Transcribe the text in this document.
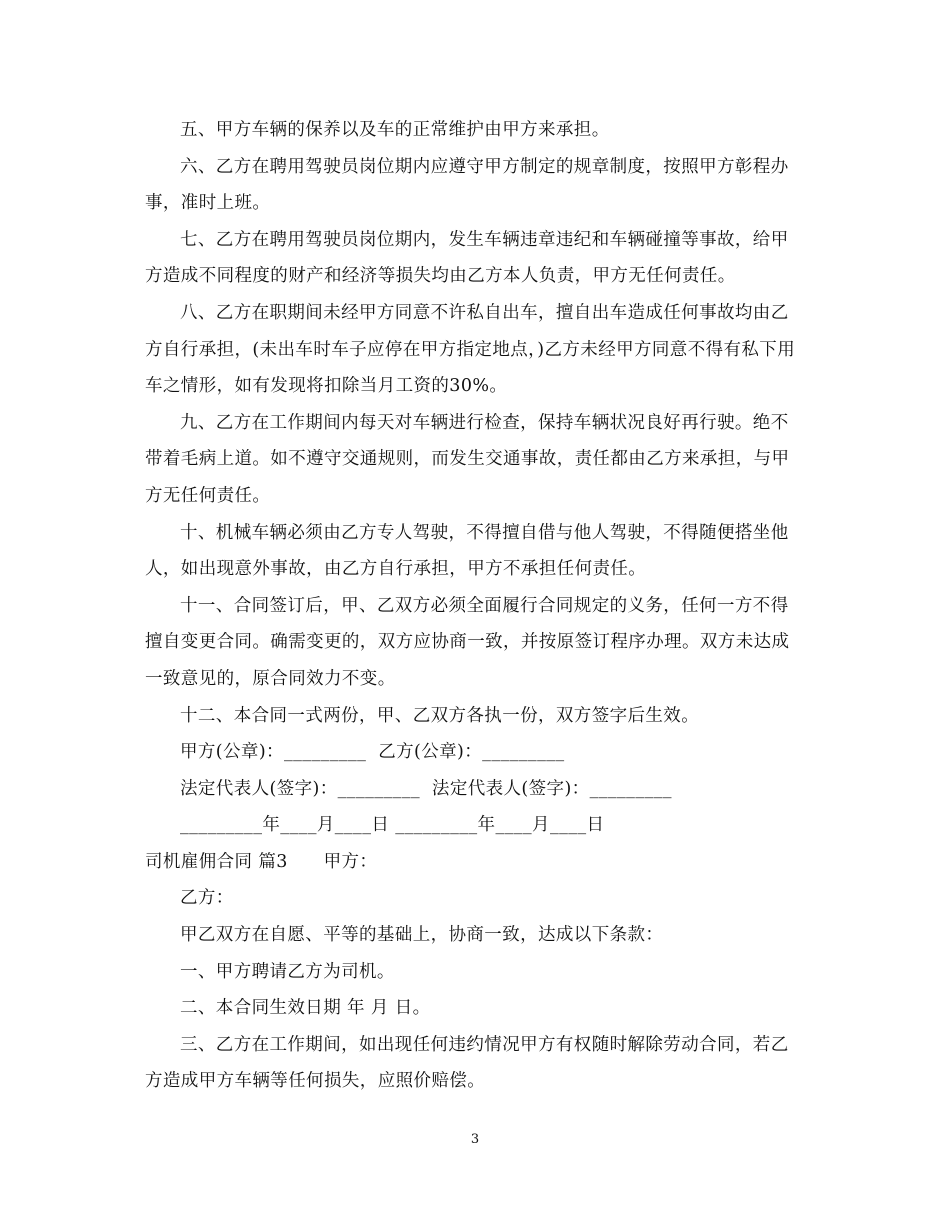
五、甲方车辆的保养以及车的正常维护由甲方来承担。

六、乙方在聘用驾驶员岗位期内应遵守甲方制定的规章制度，按照甲方彰程办事，准时上班。

七、乙方在聘用驾驶员岗位期内，发生车辆违章违纪和车辆碰撞等事故，给甲方造成不同程度的财产和经济等损失均由乙方本人负责，甲方无任何责任。

八、乙方在职期间未经甲方同意不许私自出车，擅自出车造成任何事故均由乙方自行承担，(未出车时车子应停在甲方指定地点，)乙方未经甲方同意不得有私下用车之情形，如有发现将扣除当月工资的30%。

九、乙方在工作期间内每天对车辆进行检查，保持车辆状况良好再行驶。绝不带着毛病上道。如不遵守交通规则，而发生交通事故，责任都由乙方来承担，与甲方无任何责任。

十、机械车辆必须由乙方专人驾驶，不得擅自借与他人驾驶，不得随便搭坐他人，如出现意外事故，由乙方自行承担，甲方不承担任何责任。

十一、合同签订后，甲、乙双方必须全面履行合同规定的义务，任何一方不得擅自变更合同。确需变更的，双方应协商一致，并按原签订程序办理。双方未达成一致意见的，原合同效力不变。

十二、本合同一式两份，甲、乙双方各执一份，双方签字后生效。

甲方(公章)：_________  乙方(公章)：_________

法定代表人(签字)：_________  法定代表人(签字)：_________

_________年____月____日 _________年____月____日

司机雇佣合同 篇3      甲方：

乙方：

甲乙双方在自愿、平等的基础上，协商一致，达成以下条款：

一、甲方聘请乙方为司机。

二、本合同生效日期 年 月 日。

三、乙方在工作期间，如出现任何违约情况甲方有权随时解除劳动合同，若乙方造成甲方车辆等任何损失，应照价赔偿。

3
